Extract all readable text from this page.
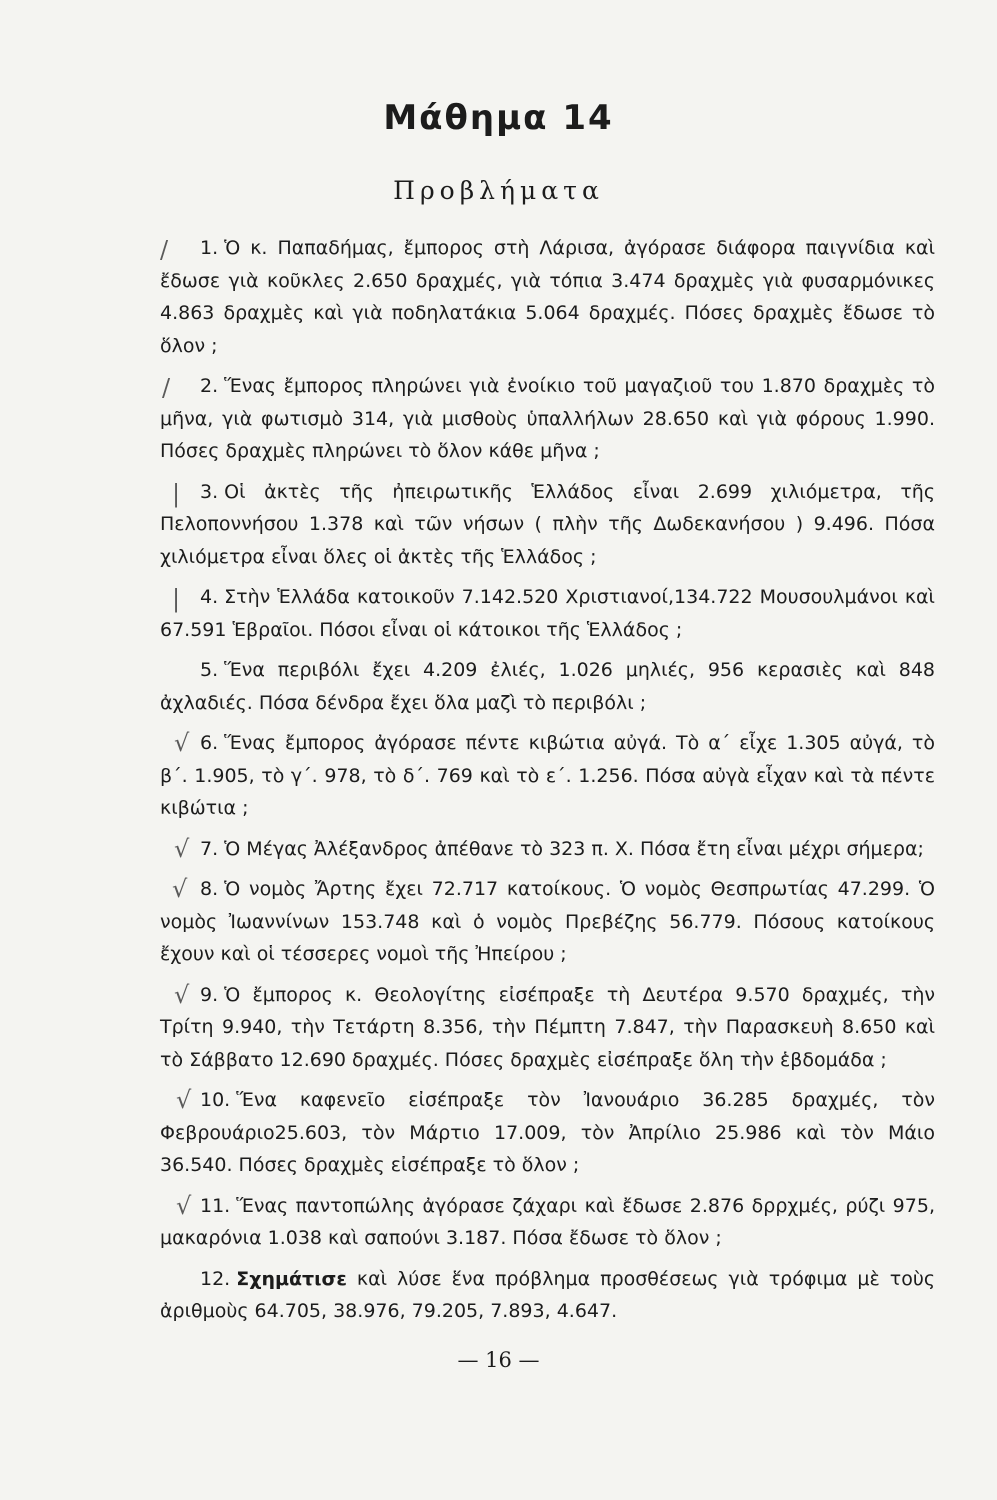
Μάθημα 14
Προβλήματα

/ 1. Ὁ κ. Παπαδήμας, ἔμπορος στὴ Λάρισα, ἀγόρασε διάφορα παιγνίδια καὶ ἔδωσε γιὰ κοῦκλες 2.650 δραχμές, γιὰ τόπια 3.474 δραχμὲς γιὰ φυσαρμόνικες 4.863 δραχμὲς καὶ γιὰ ποδηλατάκια 5.064 δραχμές. Πόσες δραχμὲς ἔδωσε τὸ ὅλον ;

/ 2. Ἕνας ἔμπορος πληρώνει γιὰ ἐνοίκιο τοῦ μαγαζιοῦ του 1.870 δραχμὲς τὸ μῆνα, γιὰ φωτισμὸ 314, γιὰ μισθοὺς ὑπαλλήλων 28.650 καὶ γιὰ φόρους 1.990. Πόσες δραχμὲς πληρώνει τὸ ὅλον κάθε μῆνα ;

| 3. Οἱ ἀκτὲς τῆς ἠπειρωτικῆς Ἑλλάδος εἶναι 2.699 χιλιόμετρα, τῆς Πελοποννήσου 1.378 καὶ τῶν νήσων ( πλὴν τῆς Δωδεκανήσου ) 9.496. Πόσα χιλιόμετρα εἶναι ὅλες οἱ ἀκτὲς τῆς Ἑλλάδος ;

| 4. Στὴν Ἑλλάδα κατοικοῦν 7.142.520 Χριστιανοί,134.722 Μουσουλμάνοι καὶ 67.591 Ἑβραῖοι. Πόσοι εἶναι οἱ κάτοικοι τῆς Ἑλλάδος ;

5. Ἕνα περιβόλι ἔχει 4.209 ἐλιές, 1.026 μηλιές, 956 κερασιὲς καὶ 848 ἀχλαδιές. Πόσα δένδρα ἔχει ὅλα μαζὶ τὸ περιβόλι ;

√ 6. Ἕνας ἔμπορος ἀγόρασε πέντε κιβώτια αὐγά. Τὸ α΄ εἶχε 1.305 αὐγά, τὸ β΄. 1.905, τὸ γ΄. 978, τὸ δ΄. 769 καὶ τὸ ε΄. 1.256. Πόσα αὐγὰ εἶχαν καὶ τὰ πέντε κιβώτια ;

√ 7. Ὁ Μέγας Ἀλέξανδρος ἀπέθανε τὸ 323 π. Χ. Πόσα ἔτη εἶναι μέχρι σήμερα;

√ 8. Ὁ νομὸς Ἄρτης ἔχει 72.717 κατοίκους. Ὁ νομὸς Θεσπρωτίας 47.299. Ὁ νομὸς Ἰωαννίνων 153.748 καὶ ὁ νομὸς Πρεβέζης 56.779. Πόσους κατοίκους ἔχουν καὶ οἱ τέσσερες νομοὶ τῆς Ἠπείρου ;

√ 9. Ὁ ἔμπορος κ. Θεολογίτης εἰσέπραξε τὴ Δευτέρα 9.570 δραχμές, τὴν Τρίτη 9.940, τὴν Τετάρτη 8.356, τὴν Πέμπτη 7.847, τὴν Παρασκευὴ 8.650 καὶ τὸ Σάββατο 12.690 δραχμές. Πόσες δραχμὲς εἰσέπραξε ὅλη τὴν ἑβδομάδα ;

√ 10. Ἕνα καφενεῖο εἰσέπραξε τὸν Ἰανουάριο 36.285 δραχμές, τὸν Φεβρουάριο25.603, τὸν Μάρτιο 17.009, τὸν Ἀπρίλιο 25.986 καὶ τὸν Μάιο 36.540. Πόσες δραχμὲς εἰσέπραξε τὸ ὅλον ;

√ 11. Ἕνας παντοπώλης ἀγόρασε ζάχαρι καὶ ἔδωσε 2.876 δρρχμές, ρύζι 975, μακαρόνια 1.038 καὶ σαπούνι 3.187. Πόσα ἔδωσε τὸ ὅλον ;

12. Σχημάτισε καὶ λύσε ἕνα πρόβλημα προσθέσεως γιὰ τρόφιμα μὲ τοὺς ἀριθμοὺς 64.705, 38.976, 79.205, 7.893, 4.647.

— 16 —
